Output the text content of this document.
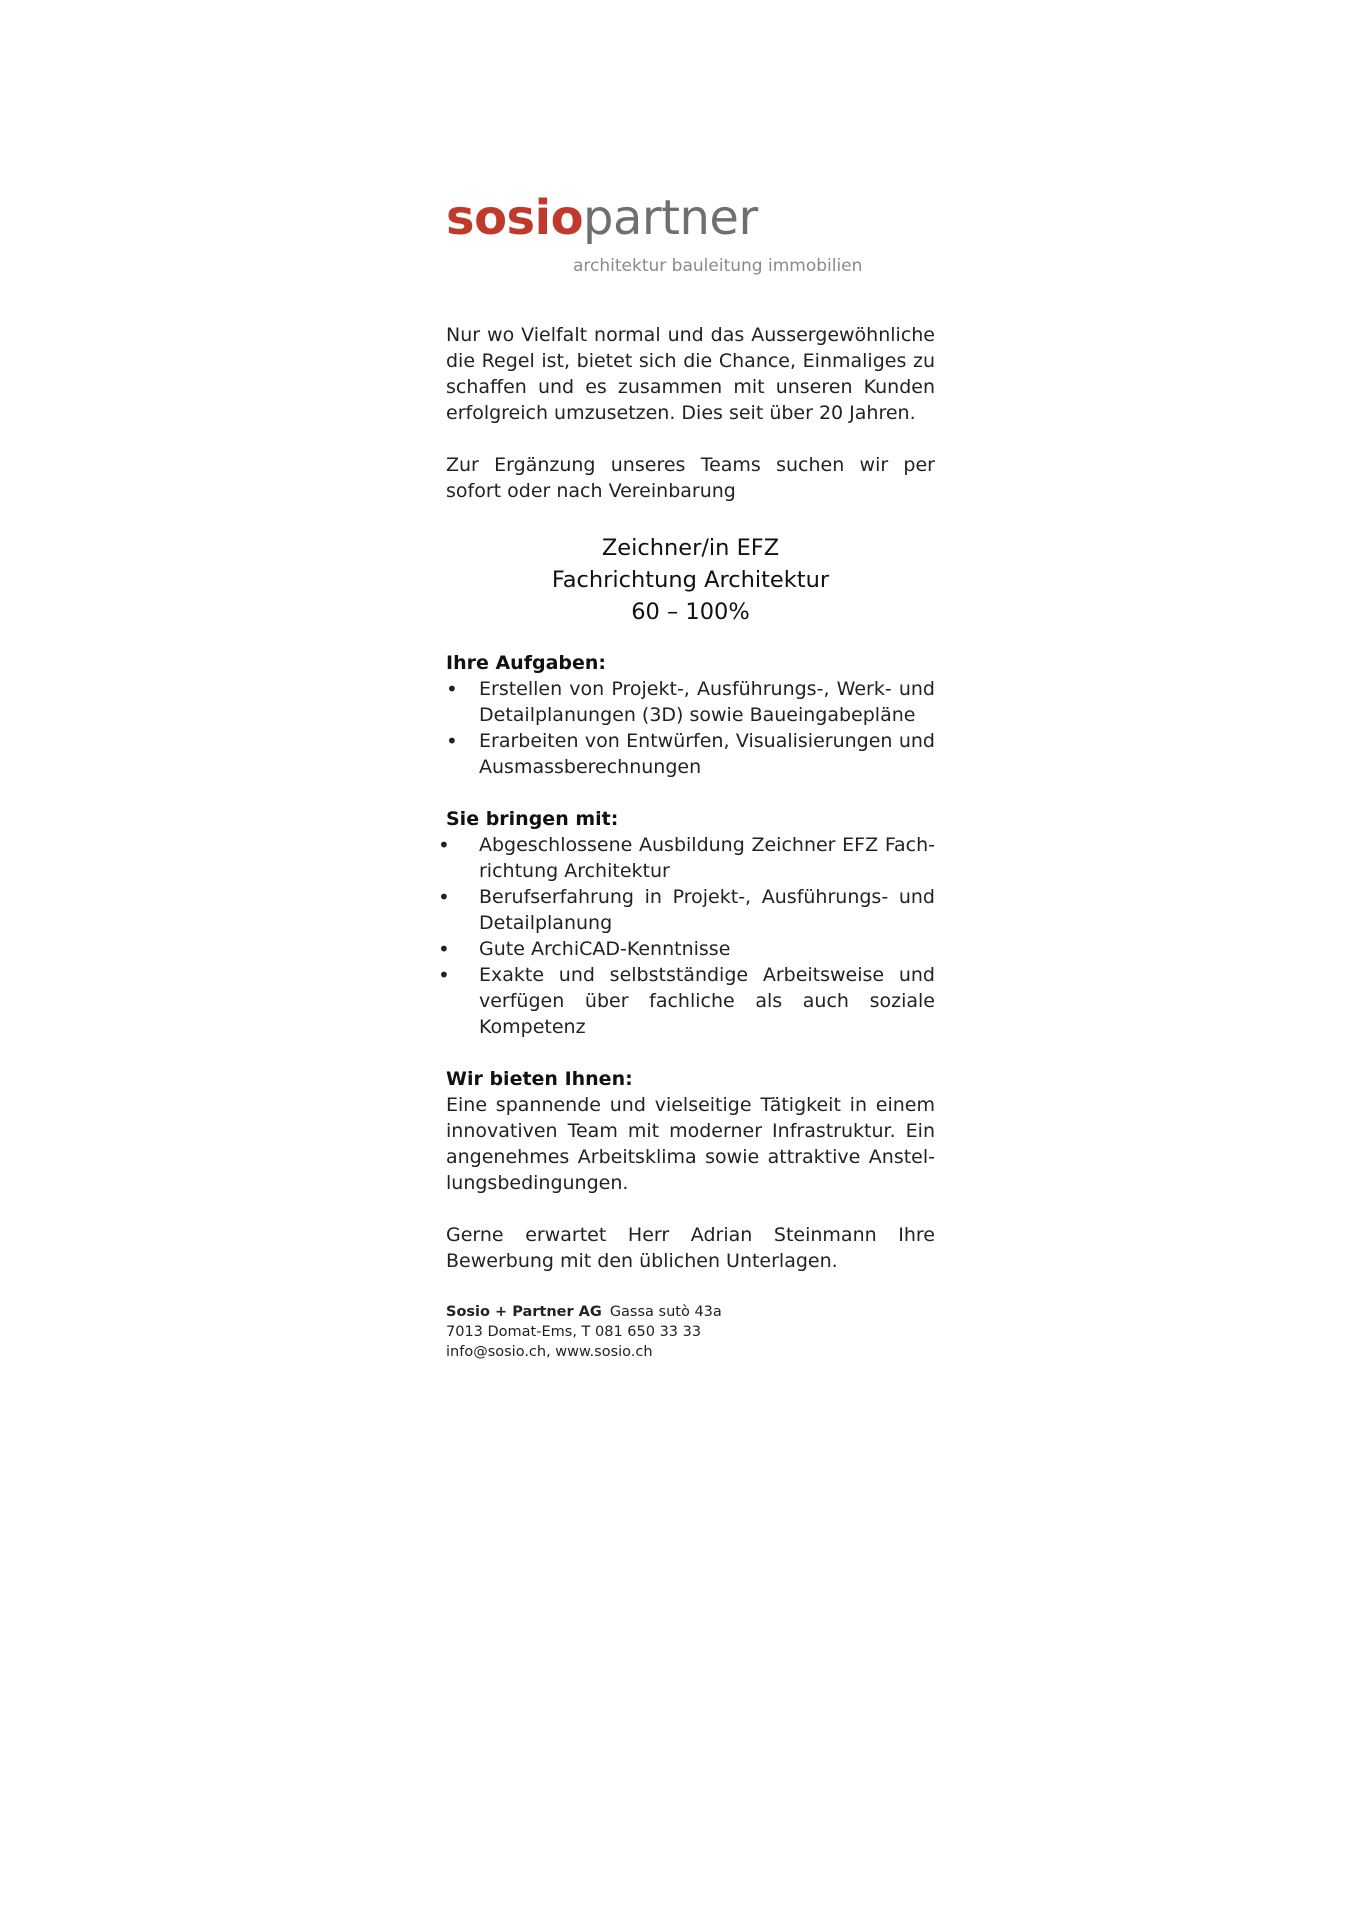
sosiopartner
architektur bauleitung immobilien

Nur wo Vielfalt normal und das Aussergewöhnliche die Regel ist, bietet sich die Chance, Einmaliges zu schaffen und es zusammen mit unseren Kunden erfolgreich umzusetzen. Dies seit über 20 Jahren.

Zur Ergänzung unseres Teams suchen wir per sofort oder nach Vereinbarung

Zeichner/in EFZ

Fachrichtung Architektur

60 – 100%

Ihre Aufgaben:

• Erstellen von Projekt-, Ausführungs-, Werk- und Detailplanungen (3D) sowie Baueingabepläne
• Erarbeiten von Entwürfen, Visualisierungen und Ausmassberechnungen

Sie bringen mit:

• Abgeschlossene Ausbildung Zeichner EFZ Fach-richtung Architektur
• Berufserfahrung in Projekt-, Ausführungs- und Detailplanung
• Gute ArchiCAD-Kenntnisse
• Exakte und selbstständige Arbeitsweise und verfügen über fachliche als auch soziale Kompetenz

Wir bieten Ihnen:

Eine spannende und vielseitige Tätigkeit in einem innovativen Team mit moderner Infrastruktur. Ein angenehmes Arbeitsklima sowie attraktive Anstel-lungsbedingungen.

Gerne erwartet Herr Adrian Steinmann Ihre Bewerbung mit den üblichen Unterlagen.

Sosio + Partner AG Gassa sutò 43a
7013 Domat-Ems, T 081 650 33 33
info@sosio.ch, www.sosio.ch
